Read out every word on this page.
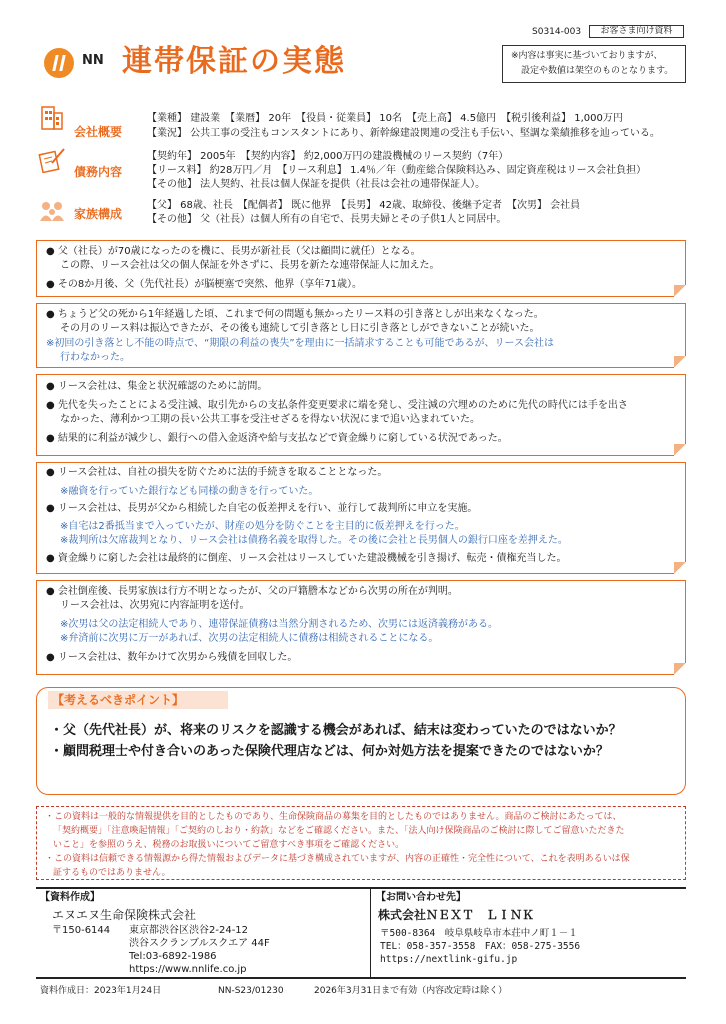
S0314-003	お客さま向け資料
NN 連帯保証の実態	※内容は事実に基づいておりますが、
設定や数値は架空のものとなります。
会社概要
【業種】 建設業　【業暦】 20年　【役員・従業員】 10名　【売上高】 4.5億円　【税引後利益】 1,000万円
【業況】 公共工事の受注もコンスタントにあり、新幹線建設関連の受注も手伝い、堅調な業績推移を辿っている。
債務内容
【契約年】 2005年　【契約内容】 約2,000万円の建設機械のリース契約（7年）
【リース料】 約28万円／月　【リース利息】 1.4％／年（動産総合保険料込み、固定資産税はリース会社負担）
【その他】 法人契約、社長は個人保証を提供（社長は会社の連帯保証人）。
家族構成
【父】 68歳、社長　【配偶者】 既に他界　【長男】 42歳、取締役、後継予定者　【次男】 会社員
【その他】 父（社長）は個人所有の自宅で、長男夫婦とその子供1人と同居中。
● 父（社長）が70歳になったのを機に、長男が新社長（父は顧問に就任）となる。
この際、リース会社は父の個人保証を外さずに、長男を新たな連帯保証人に加えた。
● その8か月後、父（先代社長）が脳梗塞で突然、他界（享年71歳）。
● ちょうど父の死から1年経過した頃、これまで何の問題も無かったリース料の引き落としが出来なくなった。
その月のリース料は振込できたが、その後も連続して引き落とし日に引き落としができないことが続いた。
※初回の引き落とし不能の時点で、“期限の利益の喪失”を理由に一括請求することも可能であるが、リース会社は
行わなかった。
● リース会社は、集金と状況確認のために訪問。
● 先代を失ったことによる受注減、取引先からの支払条件変更要求に端を発し、受注減の穴埋めのために先代の時代には手を出さ
なかった、薄利かつ工期の長い公共工事を受注せざるを得ない状況にまで追い込まれていた。
● 結果的に利益が減少し、銀行への借入金返済や給与支払などで資金繰りに窮している状況であった。
● リース会社は、自社の損失を防ぐために法的手続きを取ることとなった。
※融資を行っていた銀行なども同様の動きを行っていた。
● リース会社は、長男が父から相続した自宅の仮差押えを行い、並行して裁判所に申立を実施。
※自宅は2番抵当まで入っていたが、財産の処分を防ぐことを主目的に仮差押えを行った。
※裁判所は欠席裁判となり、リース会社は債務名義を取得した。その後に会社と長男個人の銀行口座を差押えた。
● 資金繰りに窮した会社は最終的に倒産、リース会社はリースしていた建設機械を引き揚げ、転売・債権充当した。
● 会社倒産後、長男家族は行方不明となったが、父の戸籍謄本などから次男の所在が判明。
リース会社は、次男宛に内容証明を送付。
※次男は父の法定相続人であり、連帯保証債務は当然分割されるため、次男には返済義務がある。
※弁済前に次男に万一があれば、次男の法定相続人に債務は相続されることになる。
● リース会社は、数年かけて次男から残債を回収した。
【考えるべきポイント】
・父（先代社長）が、将来のリスクを認識する機会があれば、結末は変わっていたのではないか？
・顧問税理士や付き合いのあった保険代理店などは、何か対処方法を提案できたのではないか？
・この資料は一般的な情報提供を目的としたものであり、生命保険商品の募集を目的としたものではありません。商品のご検討にあたっては、
「契約概要」「注意喚起情報」「ご契約のしおり・約款」などをご確認ください。また、「法人向け保険商品のご検討に際してご留意いただきた
いこと」を参照のうえ、税務のお取扱いについてご留意すべき事項をご確認ください。
・この資料は信頼できる情報源から得た情報およびデータに基づき構成されていますが、内容の正確性・完全性について、これを表明あるいは保
証するものではありません。
【資料作成】
エヌエヌ生命保険株式会社
〒150-6144 東京都渋谷区渋谷2-24-12
渋谷スクランブルスクエア 44F
Tel:03-6892-1986
https://www.nnlife.co.jp
【お問い合わせ先】
株式会社ＮＥＸＴ　ＬＩＮＫ
〒500-8364　岐阜県岐阜市本荘中ノ町１－１
TEL：058-357-3558　FAX：058-275-3556
https://nextlink-gifu.jp
資料作成日：2023年1月24日	NN-S23/01230	2026年3月31日まで有効（内容改定時は除く）
